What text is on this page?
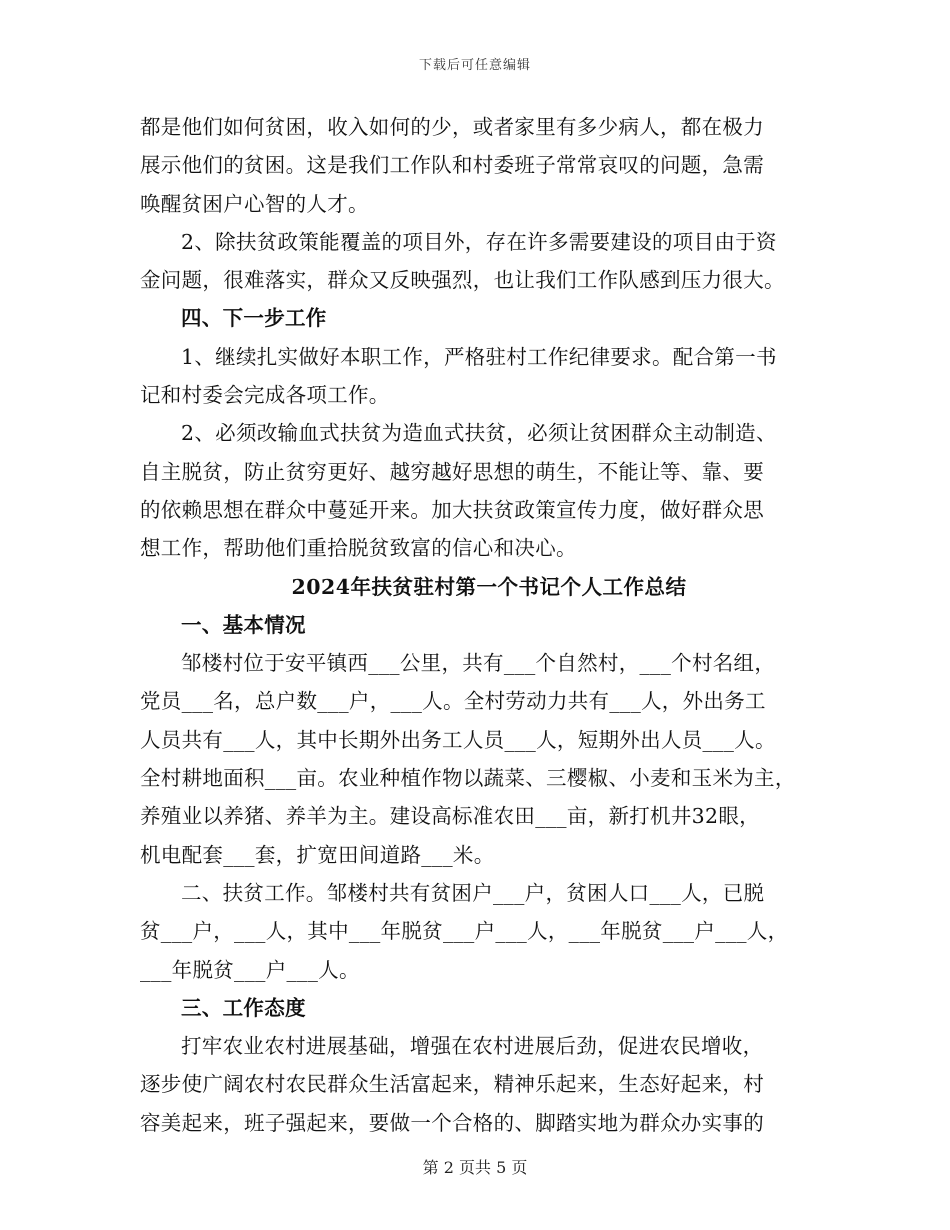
下载后可任意编辑
都是他们如何贫困，收入如何的少，或者家里有多少病人，都在极力
展示他们的贫困。这是我们工作队和村委班子常常哀叹的问题，急需
唤醒贫困户心智的人才。
2、除扶贫政策能覆盖的项目外，存在许多需要建设的项目由于资
金问题，很难落实，群众又反映强烈，也让我们工作队感到压力很大。
四、下一步工作
1、继续扎实做好本职工作，严格驻村工作纪律要求。配合第一书
记和村委会完成各项工作。
2、必须改输血式扶贫为造血式扶贫，必须让贫困群众主动制造、
自主脱贫，防止贫穷更好、越穷越好思想的萌生，不能让等、靠、要
的依赖思想在群众中蔓延开来。加大扶贫政策宣传力度，做好群众思
想工作，帮助他们重拾脱贫致富的信心和决心。
2024年扶贫驻村第一个书记个人工作总结
一、基本情况
邹楼村位于安平镇西___公里，共有___个自然村，___个村名组，
党员___名，总户数___户，___人。全村劳动力共有___人，外出务工
人员共有___人，其中长期外出务工人员___人，短期外出人员___人。
全村耕地面积___亩。农业种植作物以蔬菜、三樱椒、小麦和玉米为主，
养殖业以养猪、养羊为主。建设高标准农田___亩，新打机井32眼，
机电配套___套，扩宽田间道路___米。
二、扶贫工作。邹楼村共有贫困户___户，贫困人口___人，已脱
贫___户，___人，其中___年脱贫___户___人，___年脱贫___户___人，
___年脱贫___户___人。
三、工作态度
打牢农业农村进展基础，增强在农村进展后劲，促进农民增收，
逐步使广阔农村农民群众生活富起来，精神乐起来，生态好起来，村
容美起来，班子强起来，要做一个合格的、脚踏实地为群众办实事的
第 2 页共 5 页
